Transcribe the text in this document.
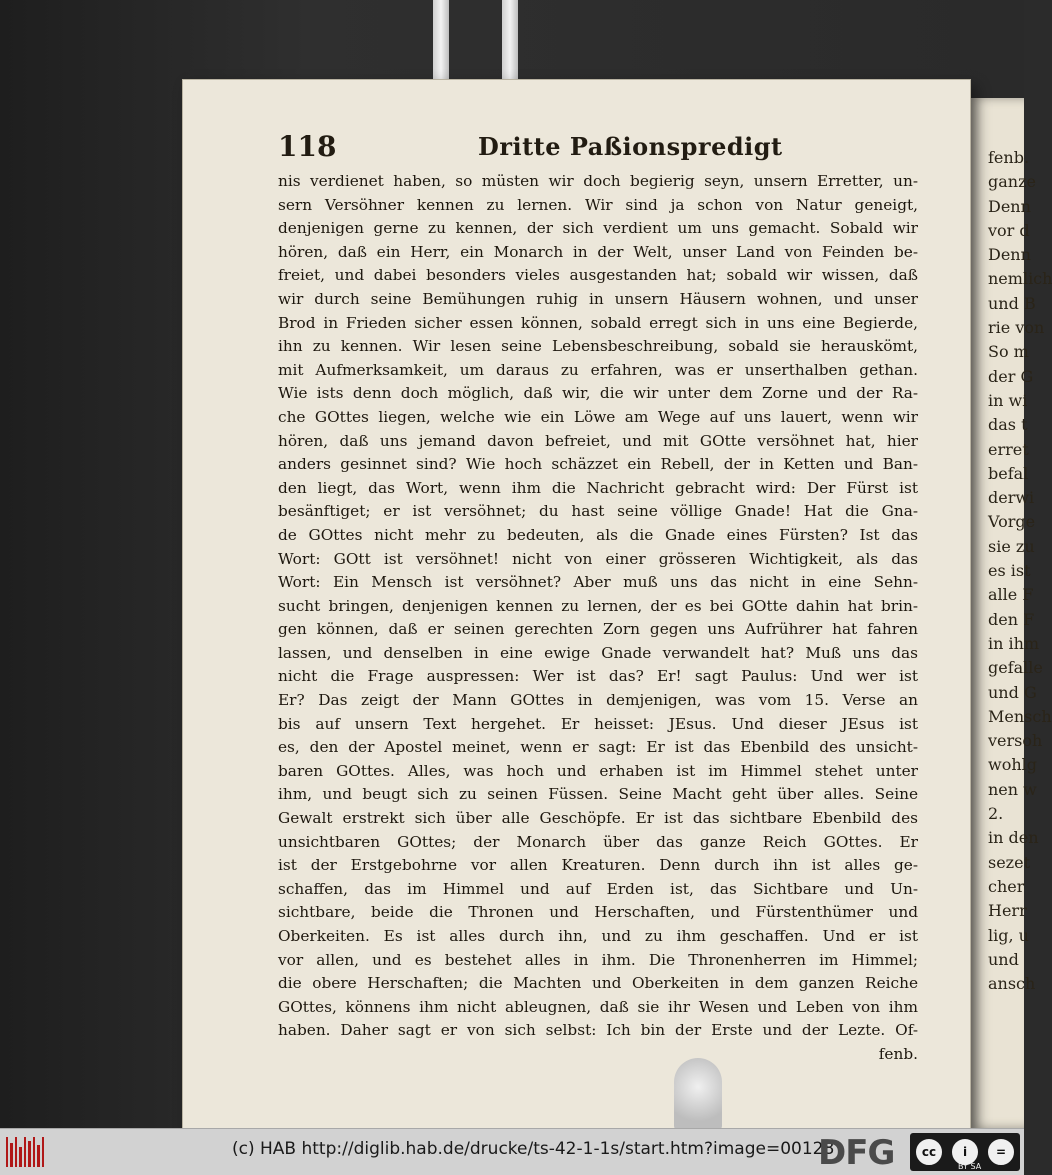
fenb.
ganze
Denn
vor d
Denn
nemlich
und B
rie von
So m
der G
in wi
das t
erret
befal
derwi
Vorge
sie zu
es ist
alle F
den F
in ihm
gefalle
und G
Mensch
versoh
wohlg
nen w
2.
in den
sezet
cher
Herr
lig, u
und
ansch
118	Dritte Paßionspredigt
nis verdienet haben, so müsten wir doch begierig seyn, unsern Erretter, un-
sern Versöhner kennen zu lernen. Wir sind ja schon von Natur geneigt,
denjenigen gerne zu kennen, der sich verdient um uns gemacht. Sobald wir
hören, daß ein Herr, ein Monarch in der Welt, unser Land von Feinden be-
freiet, und dabei besonders vieles ausgestanden hat; sobald wir wissen, daß
wir durch seine Bemühungen ruhig in unsern Häusern wohnen, und unser
Brod in Frieden sicher essen können, sobald erregt sich in uns eine Begierde,
ihn zu kennen. Wir lesen seine Lebensbeschreibung, sobald sie herauskömt,
mit Aufmerksamkeit, um daraus zu erfahren, was er unserthalben gethan.
Wie ists denn doch möglich, daß wir, die wir unter dem Zorne und der Ra-
che GOttes liegen, welche wie ein Löwe am Wege auf uns lauert, wenn wir
hören, daß uns jemand davon befreiet, und mit GOtte versöhnet hat, hier
anders gesinnet sind? Wie hoch schäzzet ein Rebell, der in Ketten und Ban-
den liegt, das Wort, wenn ihm die Nachricht gebracht wird: Der Fürst ist
besänftiget; er ist versöhnet; du hast seine völlige Gnade! Hat die Gna-
de GOttes nicht mehr zu bedeuten, als die Gnade eines Fürsten? Ist das
Wort: GOtt ist versöhnet! nicht von einer grösseren Wichtigkeit, als das
Wort: Ein Mensch ist versöhnet? Aber muß uns das nicht in eine Sehn-
sucht bringen, denjenigen kennen zu lernen, der es bei GOtte dahin hat brin-
gen können, daß er seinen gerechten Zorn gegen uns Aufrührer hat fahren
lassen, und denselben in eine ewige Gnade verwandelt hat? Muß uns das
nicht die Frage auspressen: Wer ist das? Er! sagt Paulus: Und wer ist
Er? Das zeigt der Mann GOttes in demjenigen, was vom 15. Verse an
bis auf unsern Text hergehet. Er heisset: JEsus. Und dieser JEsus ist
es, den der Apostel meinet, wenn er sagt: Er ist das Ebenbild des unsicht-
baren GOttes. Alles, was hoch und erhaben ist im Himmel stehet unter
ihm, und beugt sich zu seinen Füssen. Seine Macht geht über alles. Seine
Gewalt erstrekt sich über alle Geschöpfe. Er ist das sichtbare Ebenbild des
unsichtbaren GOttes; der Monarch über das ganze Reich GOttes. Er
ist der Erstgebohrne vor allen Kreaturen. Denn durch ihn ist alles ge-
schaffen, das im Himmel und auf Erden ist, das Sichtbare und Un-
sichtbare, beide die Thronen und Herschaften, und Fürstenthümer und
Oberkeiten. Es ist alles durch ihn, und zu ihm geschaffen. Und er ist
vor allen, und es bestehet alles in ihm. Die Thronenherren im Himmel;
die obere Herschaften; die Machten und Oberkeiten in dem ganzen Reiche
GOttes, könnens ihm nicht ableugnen, daß sie ihr Wesen und Leben von ihm
haben. Daher sagt er von sich selbst: Ich bin der Erste und der Lezte. Of-
fenb.
(c) HAB http://diglib.hab.de/drucke/ts-42-1-1s/start.htm?image=00128
DFG	cc	i	=
BY SA
